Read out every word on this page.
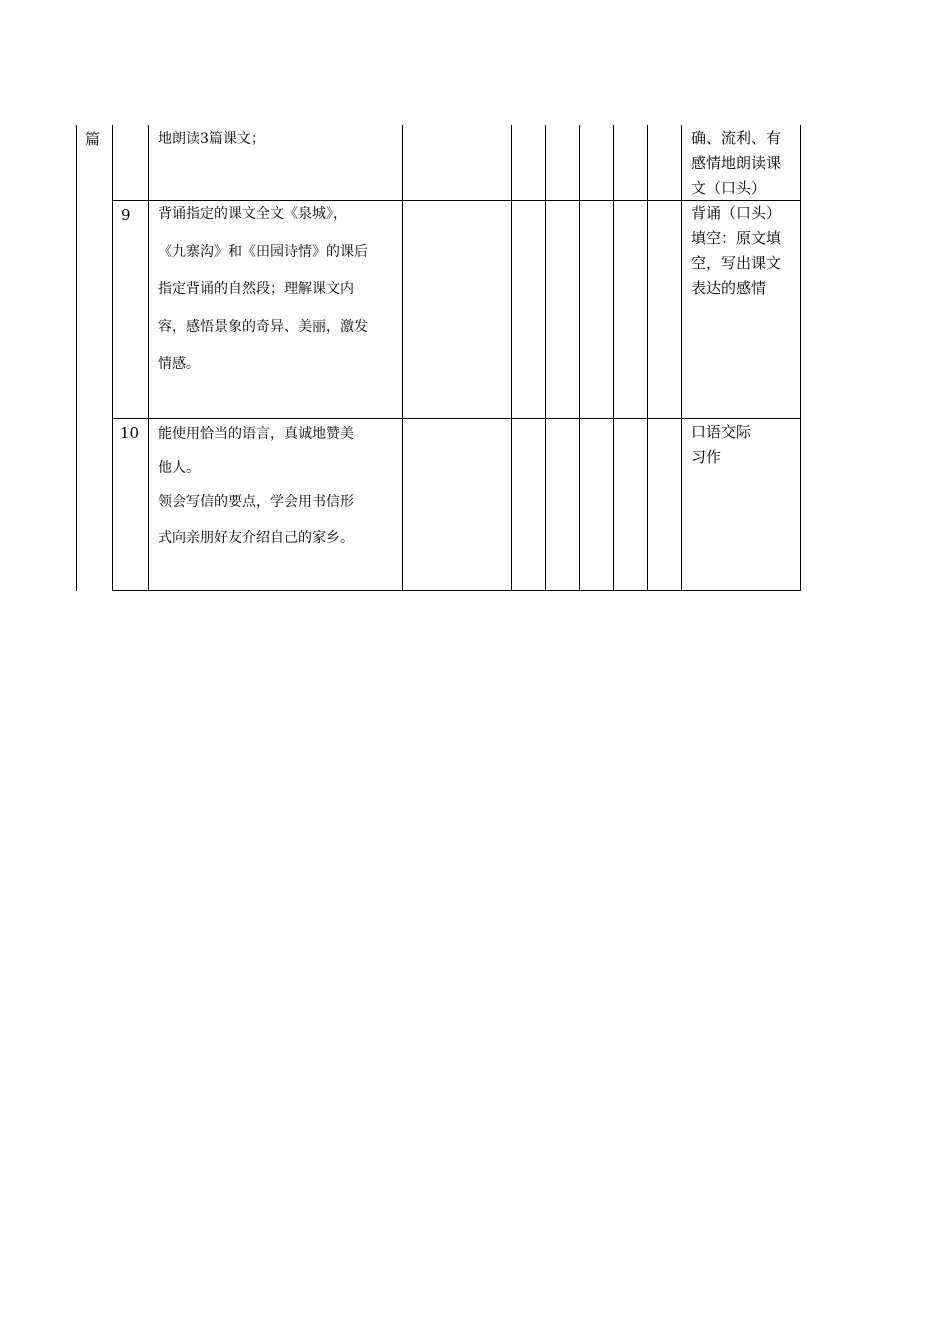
篇	地朗读3篇课文；	确、流利、有
感情地朗读课
文（口头）
9 背诵指定的课文全文《泉城》，
《九寨沟》和《田园诗情》的课后
指定背诵的自然段；理解课文内
容，感悟景象的奇异、美丽，激发
情感。
背诵（口头）
填空：原文填
空，写出课文
表达的感情
10 能使用恰当的语言，真诚地赞美
他人。
领会写信的要点，学会用书信形
式向亲朋好友介绍自己的家乡。
口语交际
习作
